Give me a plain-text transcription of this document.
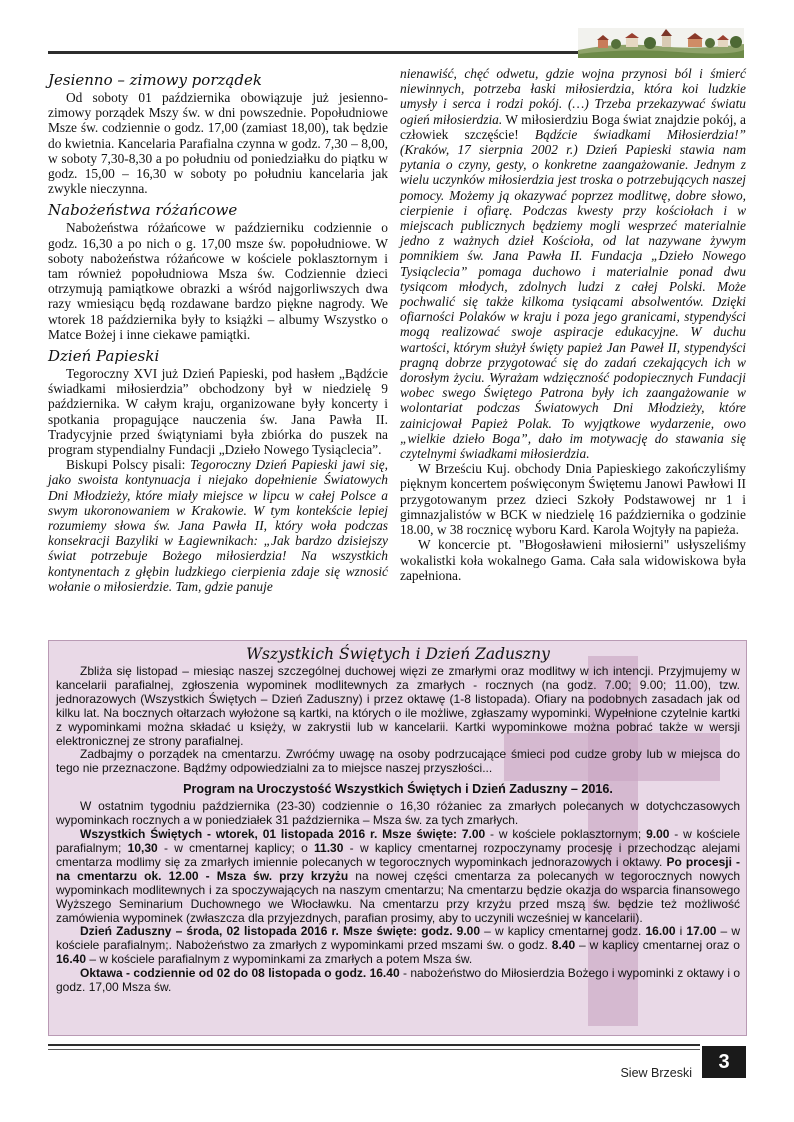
Jesienno – zimowy porządek

Od soboty 01 października obowiązuje już jesienno-zimowy porządek Mszy św. w dni powszednie. Popołudniowe Msze św. codziennie o godz. 17,00 (zamiast 18,00), tak będzie do kwietnia. Kancelaria Parafialna czynna w godz. 7,30 – 8,00, w soboty 7,30-8,30 a po południu od poniedziałku do piątku w godz. 15,00 – 16,30 w soboty po południu kancelaria jak zwykle nieczynna.

Nabożeństwa różańcowe

Nabożeństwa różańcowe w październiku codziennie o godz. 16,30 a po nich o g. 17,00 msze św. popołudniowe. W soboty nabożeństwa różańcowe w kościele poklasztornym i tam również popołudniowa Msza św. Codziennie dzieci otrzymują pamiątkowe obrazki a wśród najgorliwszych dwa razy wmiesiącu będą rozdawane bardzo piękne nagrody. We wtorek 18 października były to książki – albumy Wszystko o Matce Bożej i inne ciekawe pamiątki.

Dzień Papieski

Tegoroczny XVI już Dzień Papieski, pod hasłem „Bądźcie świadkami miłosierdzia” obchodzony był w niedzielę 9 października. W całym kraju, organizowane były koncerty i spotkania propagujące nauczenia św. Jana Pawła II. Tradycyjnie przed świątyniami była zbiórka do puszek na program stypendialny Fundacji „Dzieło Nowego Tysiąclecia”.

Biskupi Polscy pisali: Tegoroczny Dzień Papieski jawi się, jako swoista kontynuacja i niejako dopełnienie Światowych Dni Młodzieży, które miały miejsce w lipcu w całej Polsce a swym ukoronowaniem w Krakowie. W tym kontekście lepiej rozumiemy słowa św. Jana Pawła II, który woła podczas konsekracji Bazyliki w Łagiewnikach: „Jak bardzo dzisiejszy świat potrzebuje Bożego miłosierdzia! Na wszystkich kontynentach z głębin ludzkiego cierpienia zdaje się wznosić wołanie o miłosierdzie. Tam, gdzie panuje

nienawiść, chęć odwetu, gdzie wojna przynosi ból i śmierć niewinnych, potrzeba łaski miłosierdzia, która koi ludzkie umysły i serca i rodzi pokój. (…) Trzeba przekazywać światu ogień miłosierdzia. W miłosierdziu Boga świat znajdzie pokój, a człowiek szczęście! Bądźcie świadkami Miłosierdzia!” (Kraków, 17 sierpnia 2002 r.) Dzień Papieski stawia nam pytania o czyny, gesty, o konkretne zaangażowanie. Jednym z wielu uczynków miłosierdzia jest troska o potrzebujących naszej pomocy. Możemy ją okazywać poprzez modlitwę, dobre słowo, cierpienie i ofiarę. Podczas kwesty przy kościołach i w miejscach publicznych będziemy mogli wesprzeć materialnie jedno z ważnych dzieł Kościoła, od lat nazywane żywym pomnikiem św. Jana Pawła II. Fundacja „Dzieło Nowego Tysiąclecia” pomaga duchowo i materialnie ponad dwu tysiącom młodych, zdolnych ludzi z całej Polski. Może pochwalić się także kilkoma tysiącami absolwentów. Dzięki ofiarności Polaków w kraju i poza jego granicami, stypendyści mogą realizować swoje aspiracje edukacyjne. W duchu wartości, którym służył święty papież Jan Paweł II, stypendyści pragną dobrze przygotować się do zadań czekających ich w dorosłym życiu. Wyrażam wdzięczność podopiecznych Fundacji wobec swego Świętego Patrona były ich zaangażowanie w wolontariat podczas Światowych Dni Młodzieży, które zainicjował Papież Polak. To wyjątkowe wydarzenie, owo „wielkie dzieło Boga”, dało im motywację do stawania się czytelnymi świadkami miłosierdzia.

W Brześciu Kuj. obchody Dnia Papieskiego zakończyliśmy pięknym koncertem poświęconym Świętemu Janowi Pawłowi II przygotowanym przez dzieci Szkoły Podstawowej nr 1 i gimnazjalistów w BCK w niedzielę 16 października o godzinie 18.00, w 38 rocznicę wyboru Kard. Karola Wojtyły na papieża.

W koncercie pt. "Błogosławieni miłosierni" usłyszeliśmy wokalistki koła wokalnego Gama. Cała sala widowiskowa była zapełniona.

Wszystkich Świętych i Dzień Zaduszny

Zbliża się listopad – miesiąc naszej szczególnej duchowej więzi ze zmarłymi oraz modlitwy w ich intencji. Przyjmujemy w kancelarii parafialnej, zgłoszenia wypominek modlitewnych za zmarłych - rocznych (na godz. 7.00; 9.00; 11.00), tzw. jednorazowych (Wszystkich Świętych – Dzień Zaduszny) i przez oktawę (1-8 listopada). Ofiary na podobnych zasadach jak od kilku lat. Na bocznych ołtarzach wyłożone są kartki, na których o ile możliwe, zgłaszamy wypominki. Wypełnione czytelnie kartki z wypominkami można składać u księży, w zakrystii lub w kancelarii. Kartki wypominkowe można pobrać także w wersji elektronicznej ze strony parafialnej.

Zadbajmy o porządek na cmentarzu. Zwróćmy uwagę na osoby podrzucające śmieci pod cudze groby lub w miejsca do tego nie przeznaczone. Bądźmy odpowiedzialni za to miejsce naszej przyszłości...

Program na Uroczystość Wszystkich Świętych i Dzień Zaduszny – 2016.

W ostatnim tygodniu października (23-30) codziennie o 16,30 różaniec za zmarłych polecanych w dotychczasowych wypominkach rocznych a w poniedziałek 31 października – Msza św. za tych zmarłych.

Wszystkich Świętych - wtorek, 01 listopada 2016 r. Msze święte: 7.00 - w kościele poklasztornym; 9.00 - w kościele parafialnym; 10,30 - w cmentarnej kaplicy; o 11.30 - w kaplicy cmentarnej rozpoczynamy procesję i przechodząc alejami cmentarza modlimy się za zmarłych imiennie polecanych w tegorocznych wypominkach jednorazowych i oktawy. Po procesji - na cmentarzu ok. 12.00 - Msza św. przy krzyżu na nowej części cmentarza za polecanych w tegorocznych nowych wypominkach modlitewnych i za spoczywających na naszym cmentarzu; Na cmentarzu będzie okazja do wsparcia finansowego Wyższego Seminarium Duchownego we Włocławku. Na cmentarzu przy krzyżu przed mszą św. będzie też możliwość zamówienia wypominek (zwłaszcza dla przyjezdnych, parafian prosimy, aby to uczynili wcześniej w kancelarii).

Dzień Zaduszny – środa, 02 listopada 2016 r. Msze święte: godz. 9.00 – w kaplicy cmentarnej godz. 16.00 i 17.00 – w kościele parafialnym;. Nabożeństwo za zmarłych z wypominkami przed mszami św. o godz. 8.40 – w kaplicy cmentarnej oraz o 16.40 – w kościele parafialnym z wypominkami za zmarłych a potem Msza św.

Oktawa - codziennie od 02 do 08 listopada o godz. 16.40 - nabożeństwo do Miłosierdzia Bożego i wypominki z oktawy i o godz. 17,00 Msza św.

Siew Brzeski	3
